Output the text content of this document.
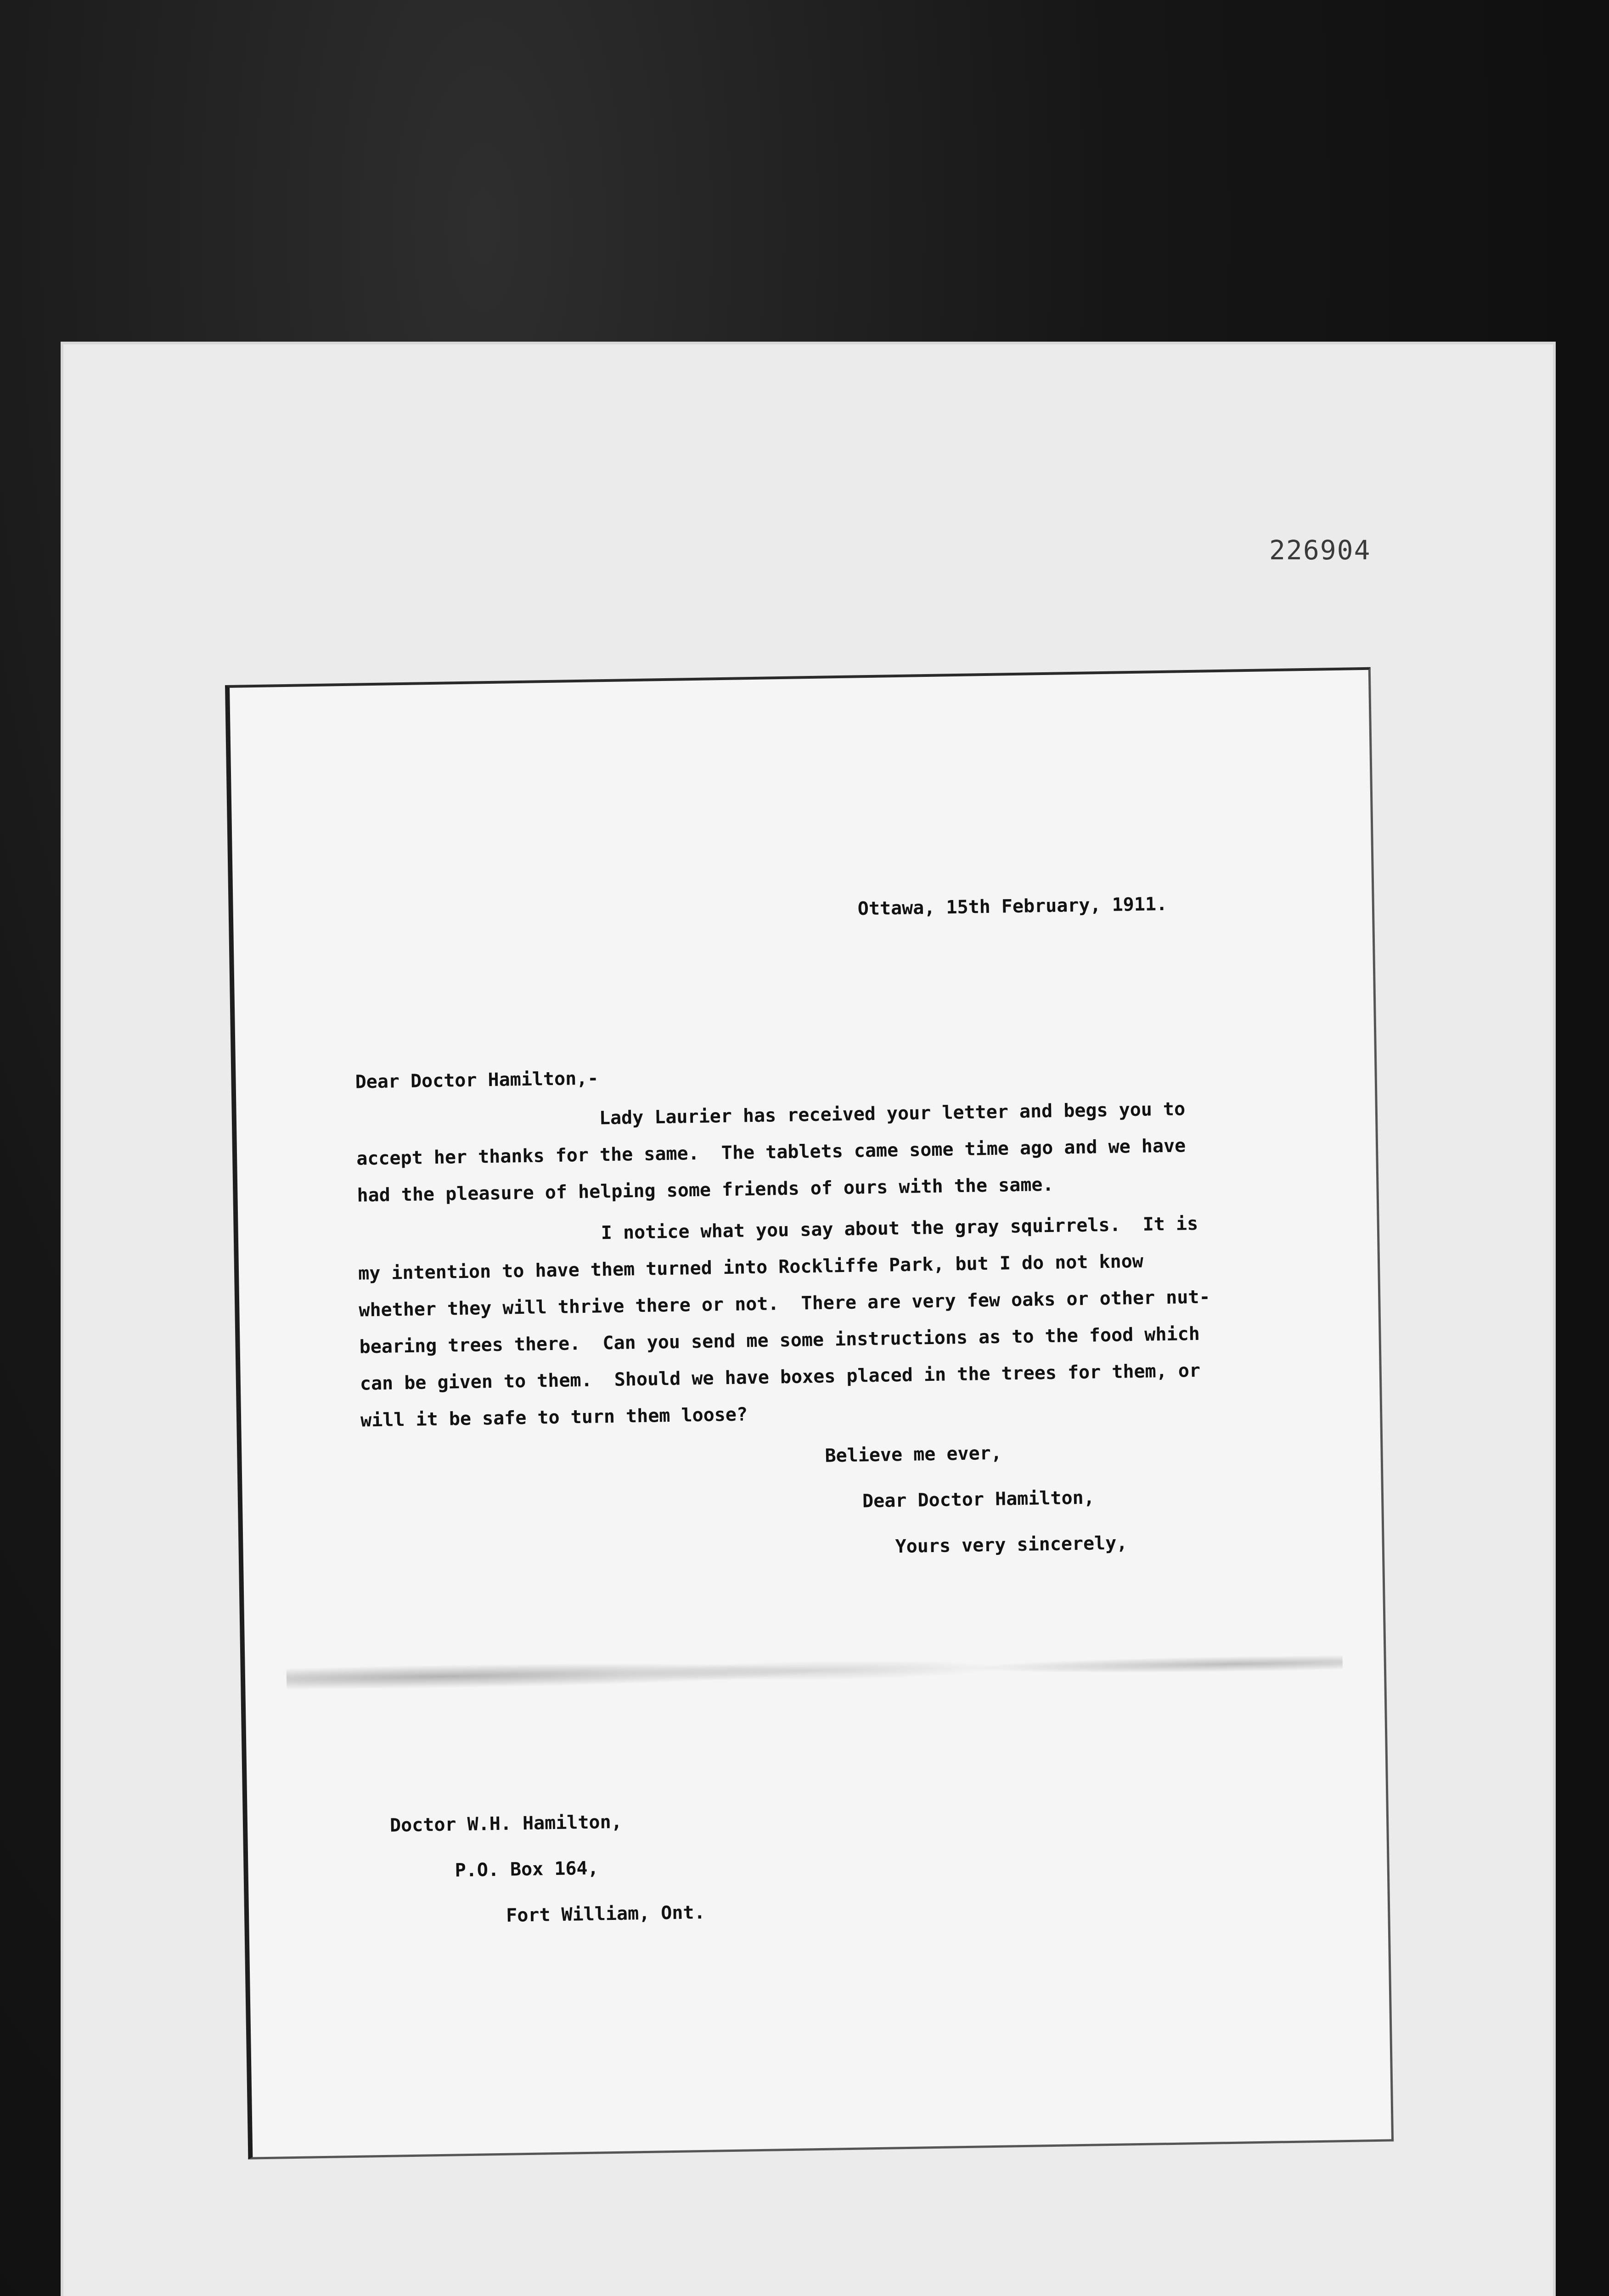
226904
Ottawa, 15th February, 1911.
Dear Doctor Hamilton,-
Lady Laurier has received your letter and begs you to
accept her thanks for the same.  The tablets came some time ago and we have
had the pleasure of helping some friends of ours with the same.
I notice what you say about the gray squirrels.  It is
my intention to have them turned into Rockliffe Park, but I do not know
whether they will thrive there or not.  There are very few oaks or other nut-
bearing trees there.  Can you send me some instructions as to the food which
can be given to them.  Should we have boxes placed in the trees for them, or
will it be safe to turn them loose?
Believe me ever,
Dear Doctor Hamilton,
Yours very sincerely,
Doctor W.H. Hamilton,
P.O. Box 164,
Fort William, Ont.
